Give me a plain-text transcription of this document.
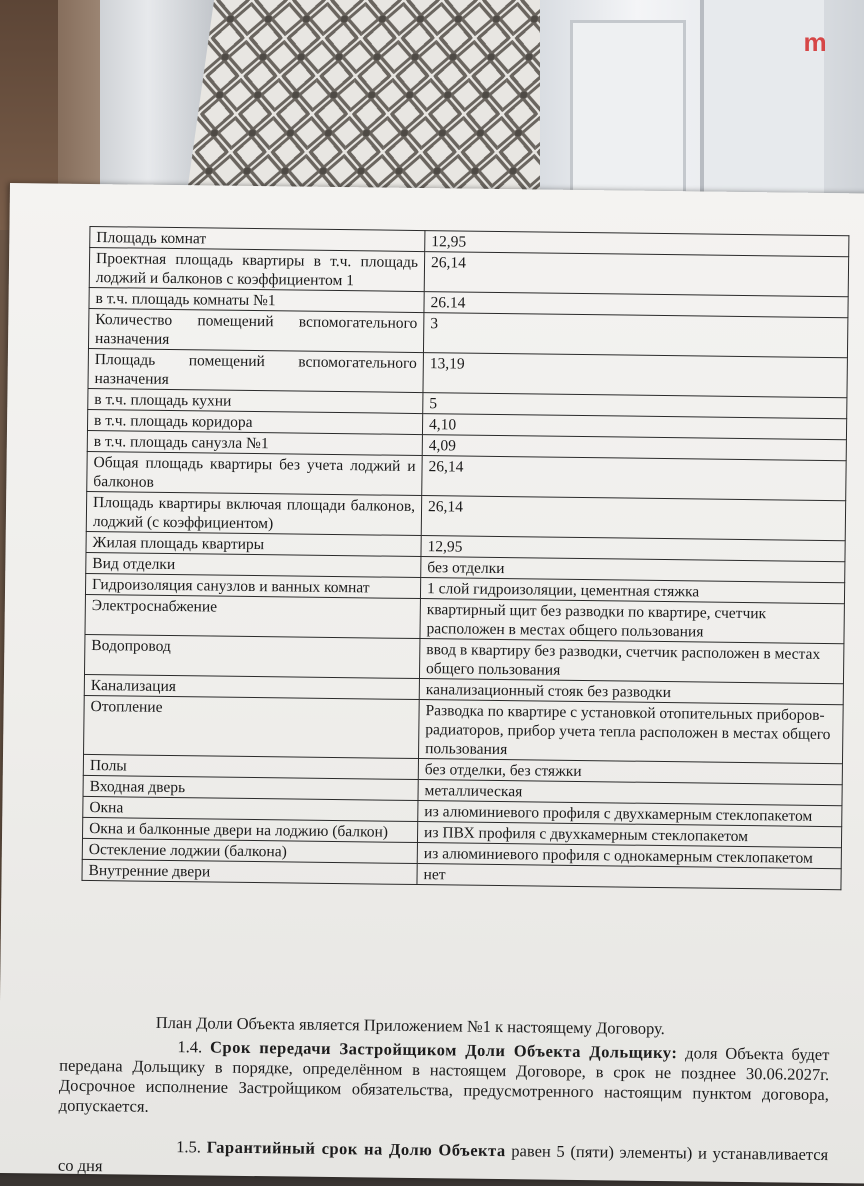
m
Площадь комнат	12,95
Проектная площадь квартиры в т.ч. площадь лоджий и балконов с коэффициентом 1	26,14
в т.ч. площадь комнаты №1	26.14
Количество помещений вспомогательного назначения	3
Площадь помещений вспомогательного назначения	13,19
в т.ч. площадь кухни	5
в т.ч. площадь коридора	4,10
в т.ч. площадь санузла №1	4,09
Общая площадь квартиры без учета лоджий и балконов	26,14
Площадь квартиры включая площади балконов, лоджий (с коэффициентом)	26,14
Жилая площадь квартиры	12,95
Вид отделки	без отделки
Гидроизоляция санузлов и ванных комнат	1 слой гидроизоляции, цементная стяжка
Электроснабжение	квартирный щит без разводки по квартире, счетчик расположен в местах общего пользования
Водопровод	ввод в квартиру без разводки, счетчик расположен в местах общего пользования
Канализация	канализационный стояк без разводки
Отопление	Разводка по квартире с установкой отопительных приборов-радиаторов, прибор учета тепла расположен в местах общего пользования
Полы	без отделки, без стяжки
Входная дверь	металлическая
Окна	из алюминиевого профиля с двухкамерным стеклопакетом
Окна и балконные двери на лоджию (балкон)	из ПВХ профиля с двухкамерным стеклопакетом
Остекление лоджии (балкона)	из алюминиевого профиля с однокамерным стеклопакетом
Внутренние двери	нет
План Доли Объекта является Приложением №1 к настоящему Договору.
1.4. Срок передачи Застройщиком Доли Объекта Дольщику: доля Объекта будет передана Дольщику в порядке, определённом в настоящем Договоре, в срок не позднее 30.06.2027г. Досрочное исполнение Застройщиком обязательства, предусмотренного настоящим пунктом договора, допускается.
1.5. Гарантийный срок на Долю Объекта равен 5 (пяти) элементы) и устанавливается со дня
